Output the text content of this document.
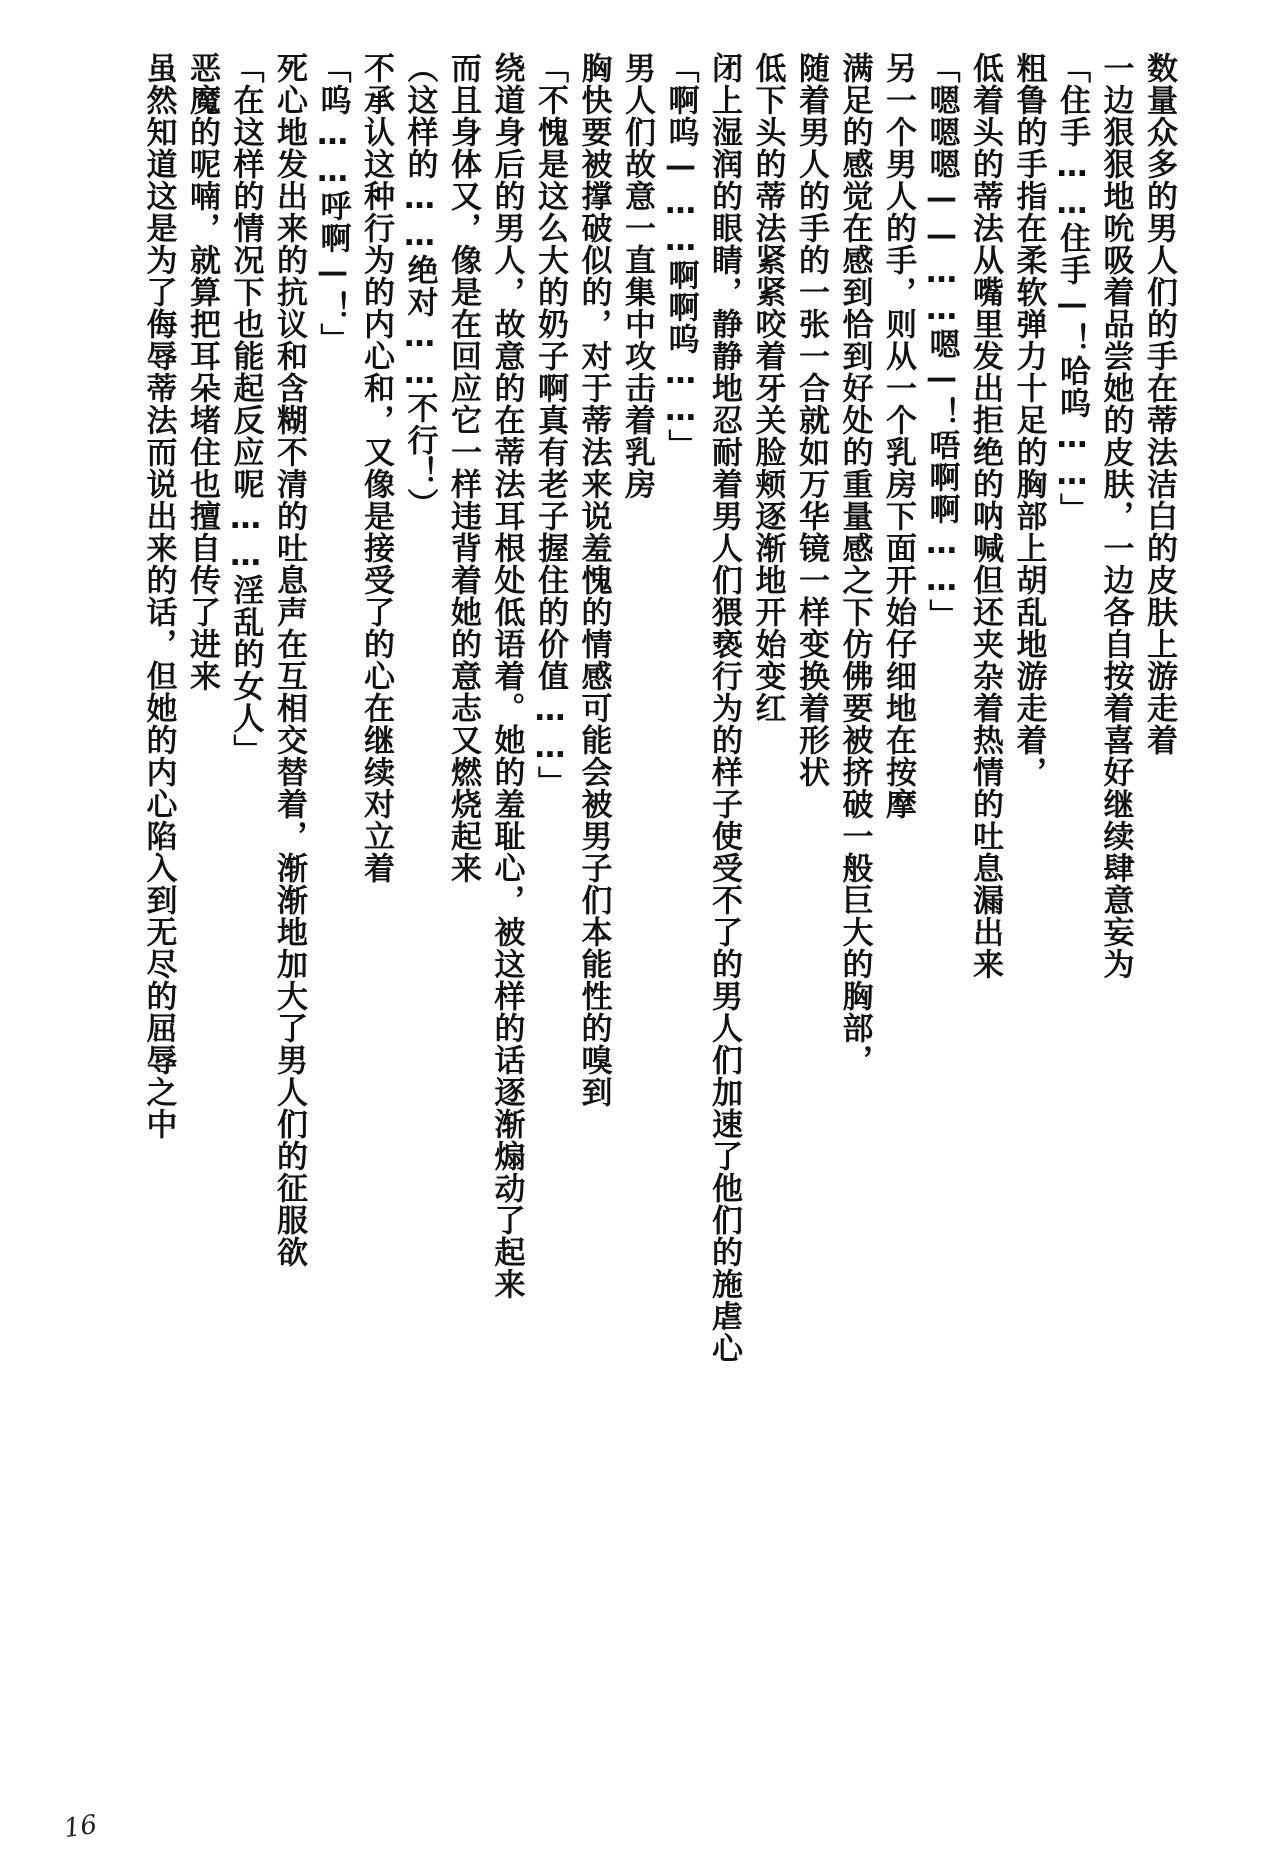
数量众多的男人们的手在蒂法洁白的皮肤上游走着
一边狠狠地吮吸着品尝她的皮肤，一边各自按着喜好继续肆意妄为
「住手……住手—！哈呜……」
粗鲁的手指在柔软弹力十足的胸部上胡乱地游走着，
低着头的蒂法从嘴里发出拒绝的呐喊但还夹杂着热情的吐息漏出来
「嗯嗯嗯——……嗯—！唔啊啊……」
另一个男人的手，则从一个乳房下面开始仔细地在按摩
满足的感觉在感到恰到好处的重量感之下仿佛要被挤破一般巨大的胸部，
随着男人的手的一张一合就如万华镜一样变换着形状
低下头的蒂法紧紧咬着牙关脸颊逐渐地开始变红
闭上湿润的眼睛，静静地忍耐着男人们猥亵行为的样子使受不了的男人们加速了他们的施虐心
「啊呜—……啊啊呜……」
男人们故意一直集中攻击着乳房
胸快要被撑破似的，对于蒂法来说羞愧的情感可能会被男子们本能性的嗅到
「不愧是这么大的奶子啊真有老子握住的价值……」
绕道身后的男人，故意的在蒂法耳根处低语着。她的羞耻心，被这样的话逐渐煽动了起来
而且身体又，像是在回应它一样违背着她的意志又燃烧起来
（这样的……绝对……不行！）
不承认这种行为的内心和，又像是接受了的心在继续对立着
「呜……呼啊—！」
死心地发出来的抗议和含糊不清的吐息声在互相交替着，渐渐地加大了男人们的征服欲
「在这样的情况下也能起反应呢……淫乱的女人」
恶魔的呢喃，就算把耳朵堵住也擅自传了进来
虽然知道这是为了侮辱蒂法而说出来的话，但她的内心陷入到无尽的屈辱之中
16
